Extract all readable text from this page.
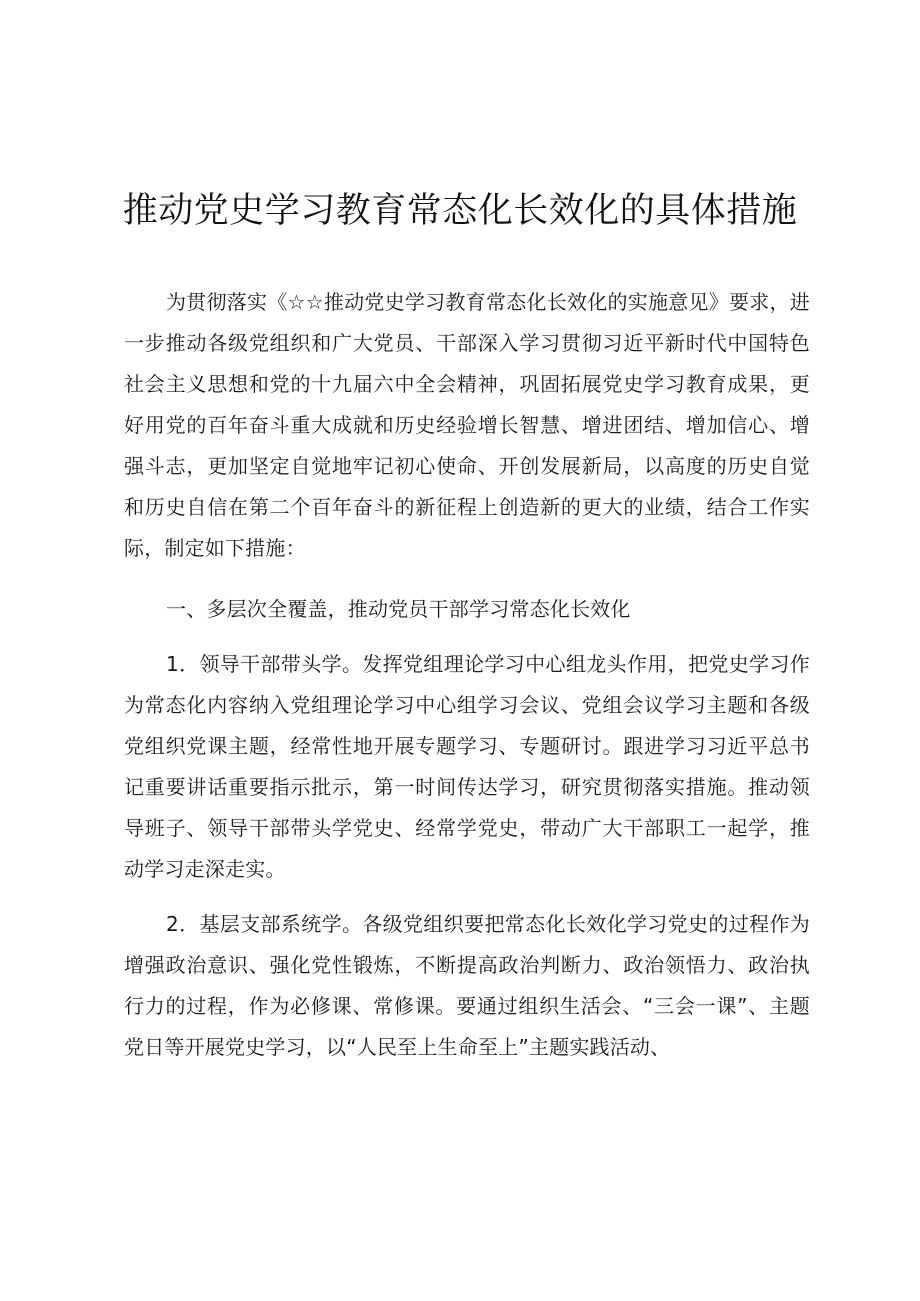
推动党史学习教育常态化长效化的具体措施

为贯彻落实《☆☆推动党史学习教育常态化长效化的实施意见》要求，进一步推动各级党组织和广大党员、干部深入学习贯彻习近平新时代中国特色社会主义思想和党的十九届六中全会精神，巩固拓展党史学习教育成果，更好用党的百年奋斗重大成就和历史经验增长智慧、增进团结、增加信心、增强斗志，更加坚定自觉地牢记初心使命、开创发展新局，以高度的历史自觉和历史自信在第二个百年奋斗的新征程上创造新的更大的业绩，结合工作实际，制定如下措施：

一、多层次全覆盖，推动党员干部学习常态化长效化

1．领导干部带头学。发挥党组理论学习中心组龙头作用，把党史学习作为常态化内容纳入党组理论学习中心组学习会议、党组会议学习主题和各级党组织党课主题，经常性地开展专题学习、专题研讨。跟进学习习近平总书记重要讲话重要指示批示，第一时间传达学习，研究贯彻落实措施。推动领导班子、领导干部带头学党史、经常学党史，带动广大干部职工一起学，推动学习走深走实。

2．基层支部系统学。各级党组织要把常态化长效化学习党史的过程作为增强政治意识、强化党性锻炼，不断提高政治判断力、政治领悟力、政治执行力的过程，作为必修课、常修课。要通过组织生活会、“三会一课”、主题党日等开展党史学习，以“人民至上生命至上”主题实践活动、
